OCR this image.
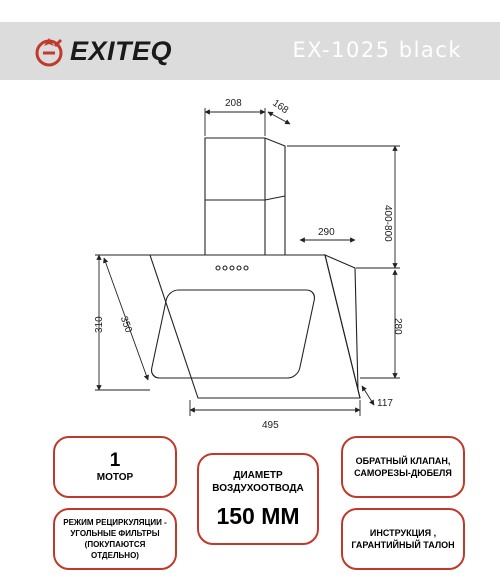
EXITEQ	EX-1025 black
208	168
400-800
290
280
310 350
495
117
1
МОТОР
РЕЖИМ РЕЦИРКУЛЯЦИИ - УГОЛЬНЫЕ ФИЛЬТРЫ (ПОКУПАЮТСЯ ОТДЕЛЬНО)
ДИАМЕТР ВОЗДУХООТВОДА
150 ММ
ОБРАТНЫЙ КЛАПАН, САМОРЕЗЫ-ДЮБЕЛЯ
ИНСТРУКЦИЯ , ГАРАНТИЙНЫЙ ТАЛОН
